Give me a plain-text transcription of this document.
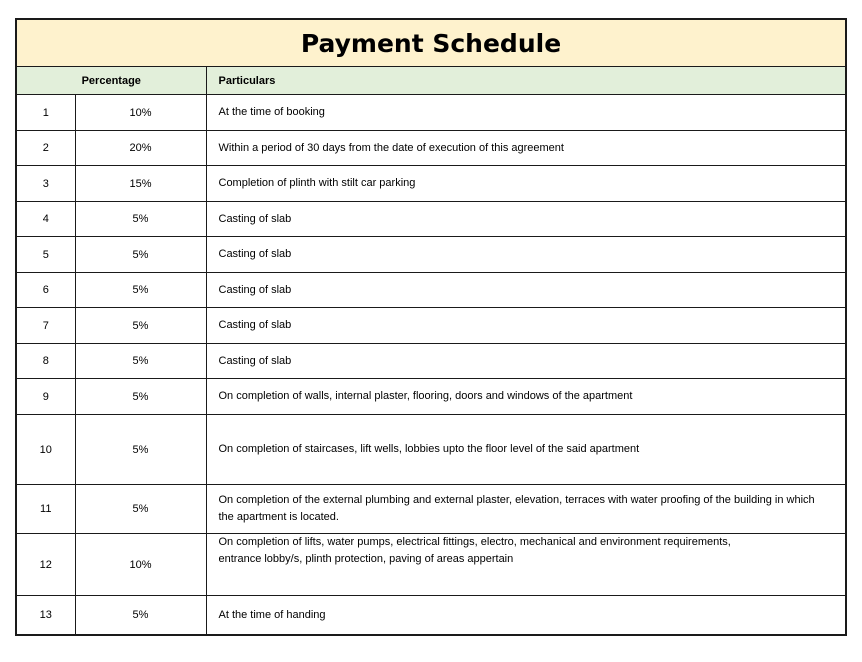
Payment Schedule
Percentage		Particulars
1	10%	At the time of booking
2	20%	Within a period of 30 days from the date of execution of this agreement
3	15%	Completion of plinth with stilt car parking
4	5%	Casting of slab
5	5%	Casting of slab
6	5%	Casting of slab
7	5%	Casting of slab
8	5%	Casting of slab
9	5%	On completion of walls, internal plaster, flooring, doors and windows of the apartment
10	5%	On completion of staircases, lift wells, lobbies upto the floor level of the said apartment
11	5%	On completion of the external plumbing and external plaster, elevation, terraces with water proofing of the building in which the apartment is located.
12	10%	On completion of lifts, water pumps, electrical fittings, electro, mechanical and environment requirements,
entrance lobby/s, plinth protection, paving of areas appertain

13	5%	At the time of handing
